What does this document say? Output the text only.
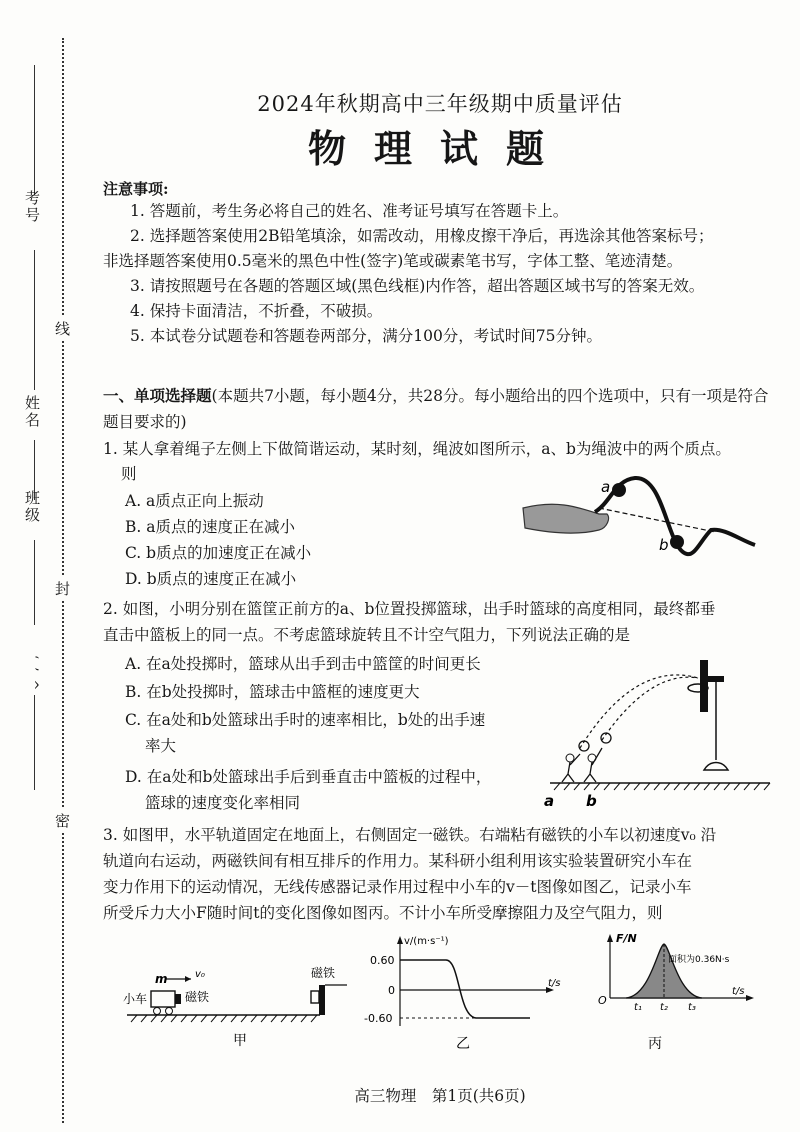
考号
姓名
班级
‘ ’ ^
线
封
密
2024年秋期高中三年级期中质量评估
物理试题
注意事项:
1. 答题前，考生务必将自己的姓名、准考证号填写在答题卡上。
2. 选择题答案使用2B铅笔填涂，如需改动，用橡皮擦干净后，再选涂其他答案标号；
非选择题答案使用0.5毫米的黑色中性(签字)笔或碳素笔书写，字体工整、笔迹清楚。
3. 请按照题号在各题的答题区域(黑色线框)内作答，超出答题区域书写的答案无效。
4. 保持卡面清洁，不折叠，不破损。
5. 本试卷分试题卷和答题卷两部分，满分100分，考试时间75分钟。
一、单项选择题(本题共7小题，每小题4分，共28分。每小题给出的四个选项中，只有一项是符合题目要求的)
1. 某人拿着绳子左侧上下做简谐运动，某时刻，绳波如图所示，a、b为绳波中的两个质点。
则
A. a质点正向上振动
B. a质点的速度正在减小
C. b质点的加速度正在减小
D. b质点的速度正在减小
a
b
2. 如图，小明分别在篮筐正前方的a、b位置投掷篮球，出手时篮球的高度相同，最终都垂
直击中篮板上的同一点。不考虑篮球旋转且不计空气阻力，下列说法正确的是
A. 在a处投掷时，篮球从出手到击中篮筐的时间更长
B. 在b处投掷时，篮球击中篮框的速度更大
C. 在a处和b处篮球出手时的速率相比，b处的出手速
率大
D. 在a处和b处篮球出手后到垂直击中篮板的过程中，
篮球的速度变化率相同	a b
3. 如图甲，水平轨道固定在地面上，右侧固定一磁铁。右端粘有磁铁的小车以初速度v₀ 沿
轨道向右运动，两磁铁间有相互排斥的作用力。某科研小组利用该实验装置研究小车在
变力作用下的运动情况，无线传感器记录作用过程中小车的v－t图像如图乙，记录小车
所受斥力大小F随时间t的变化图像如图丙。不计小车所受摩擦阻力及空气阻力，则
m	v₀
小车	磁铁
磁铁
甲
v/(m·s⁻¹)
t/s
0.60
0
-0.60
乙
F/N
t/s
O
面积为0.36N·s
t₁ t₂ t₃
丙
高三物理　第1页(共6页)
